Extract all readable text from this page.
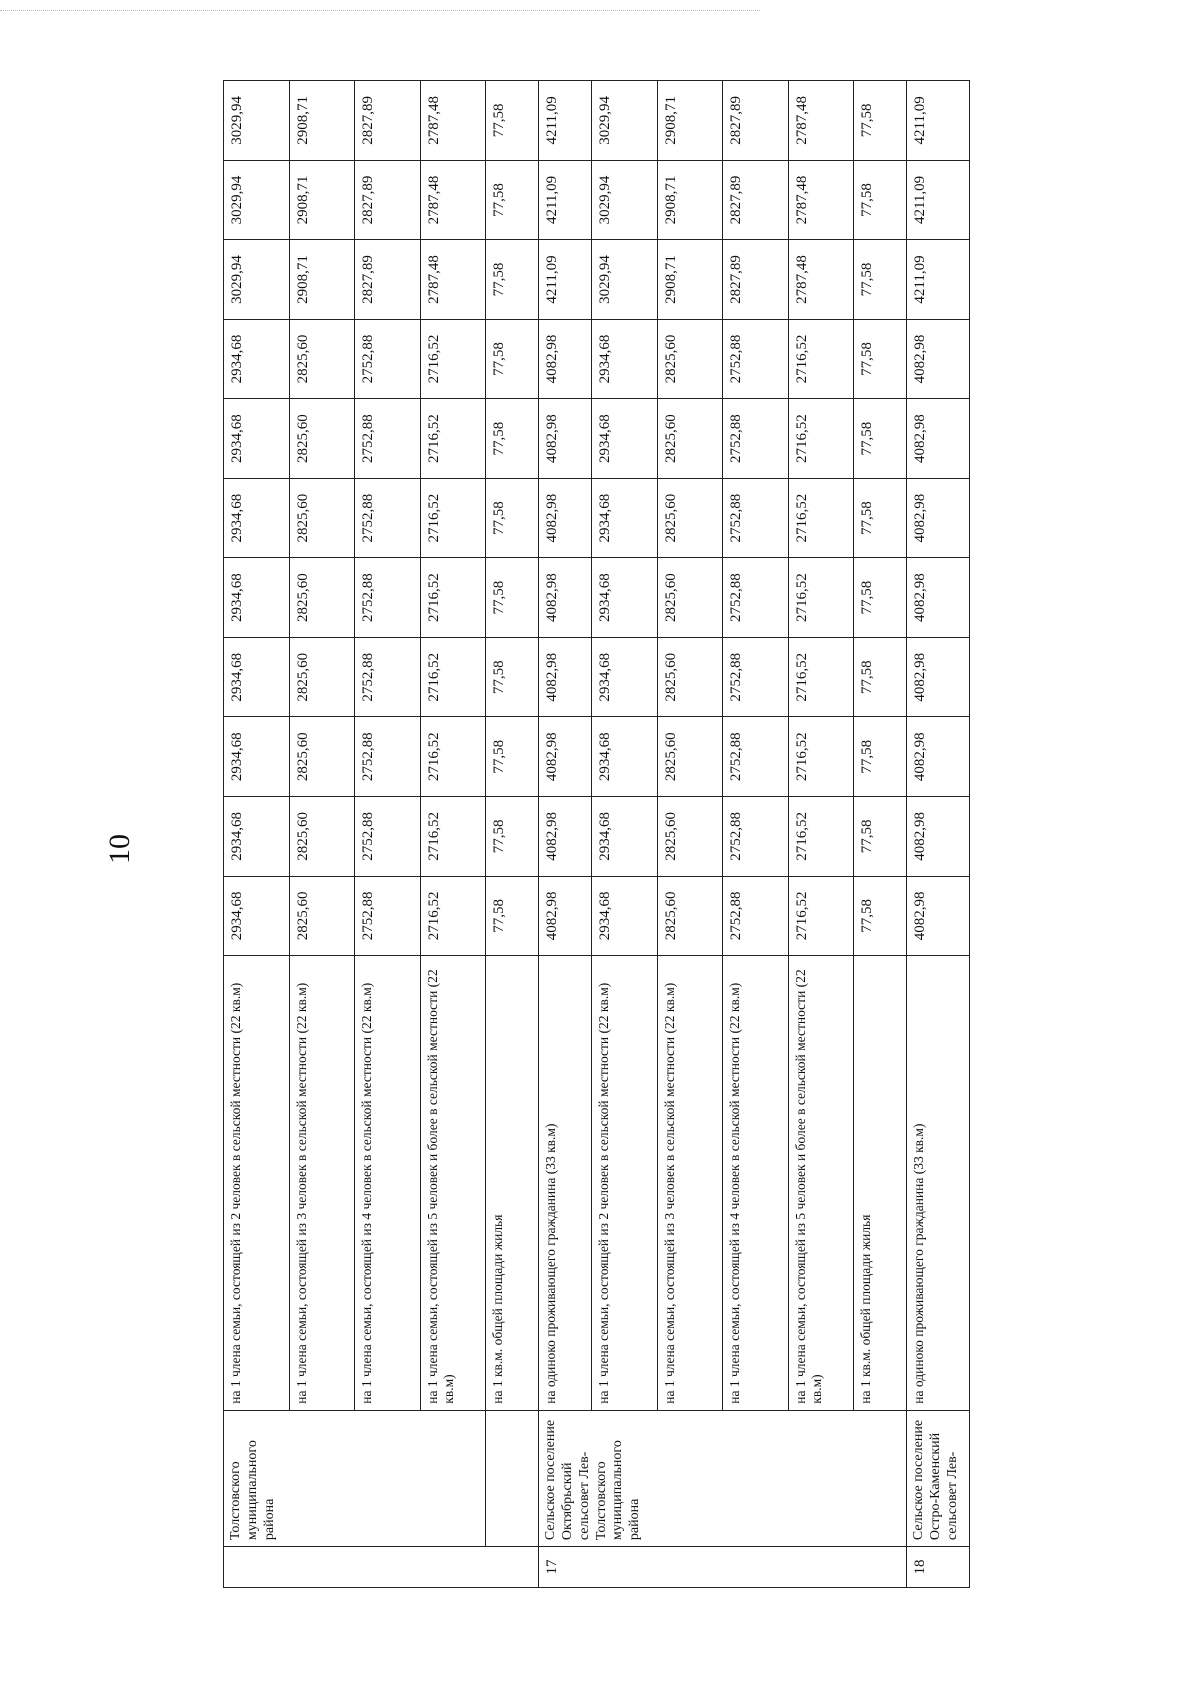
10
	Толстовского муниципального района	на 1 члена семьи, состоящей из 2 человек в сельской местности (22 кв.м)	2934,68	2934,68	2934,68	2934,68	2934,68	2934,68	2934,68	2934,68	3029,94	3029,94	3029,94
		на 1 члена семьи, состоящей из 3 человек в сельской местности (22 кв.м)	2825,60	2825,60	2825,60	2825,60	2825,60	2825,60	2825,60	2825,60	2908,71	2908,71	2908,71
		на 1 члена семьи, состоящей из 4 человек в сельской местности (22 кв.м)	2752,88	2752,88	2752,88	2752,88	2752,88	2752,88	2752,88	2752,88	2827,89	2827,89	2827,89
		на 1 члена семьи, состоящей из 5 человек и более в сельской местности (22 кв.м)	2716,52	2716,52	2716,52	2716,52	2716,52	2716,52	2716,52	2716,52	2787,48	2787,48	2787,48
		на 1 кв.м. общей площади жилья	77,58	77,58	77,58	77,58	77,58	77,58	77,58	77,58	77,58	77,58	77,58
17	Сельское поселение Октябрьский сельсовет Лев-Толстовского муниципального района	на одиноко проживающего гражданина (33 кв.м)	4082,98	4082,98	4082,98	4082,98	4082,98	4082,98	4082,98	4082,98	4211,09	4211,09	4211,09
		на 1 члена семьи, состоящей из 2 человек в сельской местности (22 кв.м)	2934,68	2934,68	2934,68	2934,68	2934,68	2934,68	2934,68	2934,68	3029,94	3029,94	3029,94
		на 1 члена семьи, состоящей из 3 человек в сельской местности (22 кв.м)	2825,60	2825,60	2825,60	2825,60	2825,60	2825,60	2825,60	2825,60	2908,71	2908,71	2908,71
		на 1 члена семьи, состоящей из 4 человек в сельской местности (22 кв.м)	2752,88	2752,88	2752,88	2752,88	2752,88	2752,88	2752,88	2752,88	2827,89	2827,89	2827,89
		на 1 члена семьи, состоящей из 5 человек и более в сельской местности (22 кв.м)	2716,52	2716,52	2716,52	2716,52	2716,52	2716,52	2716,52	2716,52	2787,48	2787,48	2787,48
		на 1 кв.м. общей площади жилья	77,58	77,58	77,58	77,58	77,58	77,58	77,58	77,58	77,58	77,58	77,58
18	Сельское поселение Остро-Каменский сельсовет Лев-	на одиноко проживающего гражданина (33 кв.м)	4082,98	4082,98	4082,98	4082,98	4082,98	4082,98	4082,98	4082,98	4211,09	4211,09	4211,09
